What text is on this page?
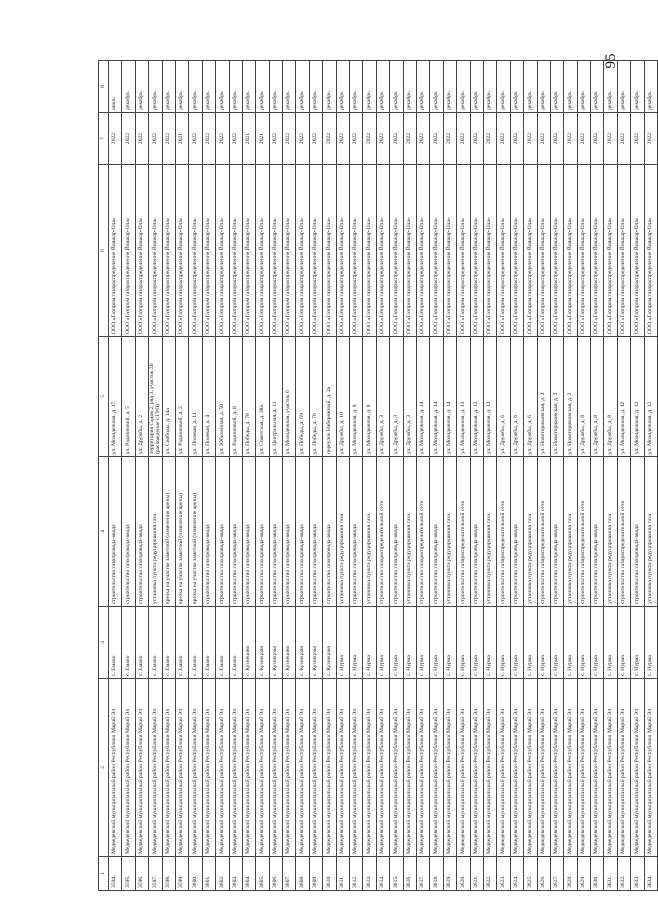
95
1	2	3	4	5	6	7	8
3594.	Медведевский муниципальный район Республики Марий Эл	с. Еманo	строительство газопровода-ввода	ул. Молодежная, д. 17	ООО «Газпром газораспределение Йошкар-Ола»	2022	июнь
3595.	Медведевский муниципальный район Республики Марий Эл	с. Еманo	строительство газопровода-ввода	ул. Радионовой, д. 5	ООО «Газпром газораспределение Йошкар-Ола»	2022	декабрь
3596.	Медведевский муниципальный район Республики Марий Эл	с. Еманo	строительство газопровода-ввода	ул. Дружбы, д. 2	ООО «Газпром газораспределение Йошкар-Ола»	2022	декабрь
3597.	Медведевский муниципальный район Республики Марий Эл	с. Еманo	установка пункта редуцирования газа	территория Садов 2, ряд 3, участок 20 (расхождение с ГРП)	ООО «Газпром газораспределение Йошкар-Ола»	2022	декабрь
3598.	Медведевский муниципальный район Республики Марий Эл	с. Еманo	врезка на участке заметной (изменение арены)	ул. Свободы, д. 14а	ООО «Газпром газораспределение Йошкар-Ола»	2022	декабрь
3599.	Медведевский муниципальный район Республики Марий Эл	с. Еманo	врезка на участке заметной (изменение арены)	ул. Радионовой, д. 2	ООО «Газпром газораспределение Йошкар-Ола»	2021	декабрь
3600.	Медведевский муниципальный район Республики Марий Эл	с. Еманo	врезка на участке заметной (изменение арены)	ул. Полевая, д. 11	ООО «Газпром газораспределение Йошкар-Ола»	2022	декабрь
3601.	Медведевский муниципальный район Республики Марий Эл	с. Еманo	строительство газопровода-ввода	ул. Полевая, д. 4	ООО «Газпром газораспределение Йошкар-Ола»	2022	декабрь
3602.	Медведевский муниципальный район Республики Марий Эл	с. Еманo	строительство газопровода-ввода	ул. Юбилейная, д. 50	ООО «Газпром газораспределение Йошкар-Ола»	2022	декабрь
3603.	Медведевский муниципальный район Республики Марий Эл	с. Еманo	строительство газопровода-ввода	ул. Радионовой, д. 8	ООО «Газпром газораспределение Йошкар-Ола»	2022	декабрь
3604.	Медведевский муниципальный район Республики Марий Эл	с. Кузнецово	строительство газопровода-ввода	ул. Победы, д. 78	ООО «Газпром газораспределение Йошкар-Ола»	2021	декабрь
3605.	Медведевский муниципальный район Республики Марий Эл	с. Кузнецово	строительство газопровода-ввода	ул. Советская, д. 38а	ООО «Газпром газораспределение Йошкар-Ола»	2021	декабрь
3606.	Медведевский муниципальный район Республики Марий Эл	с. Кузнецово	строительство газопровода-ввода	ул. Центральная, д. 11	ООО «Газпром газораспределение Йошкар-Ола»	2022	декабрь
3607.	Медведевский муниципальный район Республики Марий Эл	с. Кузнецово	строительство газопровода-ввода	ул. Молодежная, участок 6	ООО «Газпром газораспределение Йошкар-Ола»	2022	декабрь
3608.	Медведевский муниципальный район Республики Марий Эл	с. Кузнецово	строительство газопровода-ввода	ул. Победы, д. 69	ООО «Газпром газораспределение Йошкар-Ола»	2022	декабрь
3609.	Медведевский муниципальный район Республики Марий Эл	с. Кузнецово	строительство газопровода-ввода	ул. Победы, д. 76	ООО «Газпром газораспределение Йошкар-Ола»	2022	декабрь
3610.	Медведевский муниципальный район Республики Марий Эл	с. Кузнецово	строительство газопровода-ввода	переулок Набережный, д. 3а	ООО «Газпром газораспределение Йошкар-Ола»	2022	декабрь
3611.	Медведевский муниципальный район Республики Марий Эл	с. Нурма	установка пункта редуцирования газа	ул. Дружбы, д. 10	ООО «Газпром газораспределение Йошкар-Ола»	2022	декабрь
3612.	Медведевский муниципальный район Республики Марий Эл	с. Нурма	строительство газопровода-ввода	ул. Молодежная, д. 8	ООО «Газпром газораспределение Йошкар-Ола»	2022	декабрь
3613.	Медведевский муниципальный район Республики Марий Эл	с. Нурма	установка пункта редуцирования газа	ул. Молодежная, д. 8	ООО «Газпром газораспределение Йошкар-Ола»	2022	декабрь
3614.	Медведевский муниципальный район Республики Марий Эл	с. Нурма	строительство газораспределительной сети	ул. Дружбы, д. 3	ООО «Газпром газораспределение Йошкар-Ола»	2022	декабрь
3615.	Медведевский муниципальный район Республики Марий Эл	с. Нурма	строительство газопровода-ввода	ул. Дружбы, д. 3	ООО «Газпром газораспределение Йошкар-Ола»	2022	декабрь
3616.	Медведевский муниципальный район Республики Марий Эл	с. Нурма	установка пункта редуцирования газа	ул. Дружбы, д. 3	ООО «Газпром газораспределение Йошкар-Ола»	2022	декабрь
3617.	Медведевский муниципальный район Республики Марий Эл	с. Нурма	строительство газораспределительной сети	ул. Молодежная, д. 14	ООО «Газпром газораспределение Йошкар-Ола»	2022	декабрь
3618.	Медведевский муниципальный район Республики Марий Эл	с. Нурма	строительство газопровода-ввода	ул. Молодежная, д. 14	ООО «Газпром газораспределение Йошкар-Ола»	2022	декабрь
3619.	Медведевский муниципальный район Республики Марий Эл	с. Нурма	установка пункта редуцирования газа	ул. Молодежная, д. 14	ООО «Газпром газораспределение Йошкар-Ола»	2022	декабрь
3620.	Медведевский муниципальный район Республики Марий Эл	с. Нурма	строительство газораспределительной сети	ул. Молодежная, д. 13	ООО «Газпром газораспределение Йошкар-Ола»	2022	декабрь
3621.	Медведевский муниципальный район Республики Марий Эл	с. Нурма	строительство газопровода-ввода	ул. Молодежная, д. 13	ООО «Газпром газораспределение Йошкар-Ола»	2022	декабрь
3622.	Медведевский муниципальный район Республики Марий Эл	с. Нурма	установка пункта редуцирования газа	ул. Молодежная, д. 13	ООО «Газпром газораспределение Йошкар-Ола»	2022	декабрь
3623.	Медведевский муниципальный район Республики Марий Эл	с. Нурма	строительство газораспределительной сети	ул. Дружбы, д. 6	ООО «Газпром газораспределение Йошкар-Ола»	2022	декабрь
3624.	Медведевский муниципальный район Республики Марий Эл	с. Нурма	строительство газопровода-ввода	ул. Дружбы, д. 6	ООО «Газпром газораспределение Йошкар-Ола»	2022	декабрь
3625.	Медведевский муниципальный район Республики Марий Эл	с. Нурма	установка пункта редуцирования газа	ул. Дружбы, д. 6	ООО «Газпром газораспределение Йошкар-Ола»	2022	декабрь
3626.	Медведевский муниципальный район Республики Марий Эл	с. Нурма	строительство газораспределительной сети	ул. Новоторжковская, д. 2	ООО «Газпром газораспределение Йошкар-Ола»	2022	декабрь
3627.	Медведевский муниципальный район Республики Марий Эл	с. Нурма	строительство газопровода-ввода	ул. Новоторжковская, д. 2	ООО «Газпром газораспределение Йошкар-Ола»	2022	декабрь
3628.	Медведевский муниципальный район Республики Марий Эл	с. Нурма	установка пункта редуцирования газа	ул. Новоторжковская, д. 2	ООО «Газпром газораспределение Йошкар-Ола»	2022	декабрь
3629.	Медведевский муниципальный район Республики Марий Эл	с. Нурма	строительство газораспределительной сети	ул. Дружбы, д. 8	ООО «Газпром газораспределение Йошкар-Ола»	2022	декабрь
3630.	Медведевский муниципальный район Республики Марий Эл	с. Нурма	строительство газопровода-ввода	ул. Дружбы, д. 8	ООО «Газпром газораспределение Йошкар-Ола»	2022	декабрь
3631.	Медведевский муниципальный район Республики Марий Эл	с. Нурма	установка пункта редуцирования газа	ул. Дружбы, д. 8	ООО «Газпром газораспределение Йошкар-Ола»	2022	декабрь
3632.	Медведевский муниципальный район Республики Марий Эл	с. Нурма	строительство газораспределительной сети	ул. Молодежная, д. 12	ООО «Газпром газораспределение Йошкар-Ола»	2022	декабрь
3633.	Медведевский муниципальный район Республики Марий Эл	с. Нурма	строительство газопровода-ввода	ул. Молодежная, д. 12	ООО «Газпром газораспределение Йошкар-Ола»	2022	декабрь
3634.	Медведевский муниципальный район Республики Марий Эл	с. Нурма	установка пункта редуцирования газа	ул. Молодежная, д. 12	ООО «Газпром газораспределение Йошкар-Ола»	2022	декабрь
